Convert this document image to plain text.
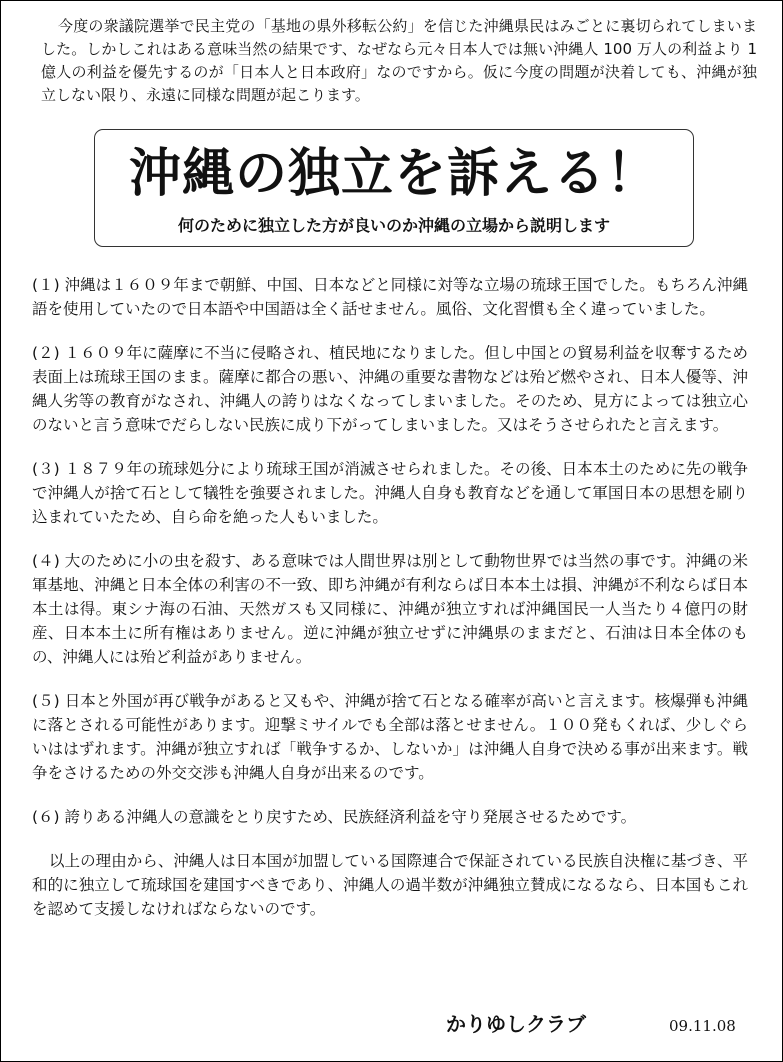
今度の衆議院選挙で民主党の「基地の県外移転公約」を信じた沖縄県民はみごとに裏切られてしまいました。しかしこれはある意味当然の結果です、なぜなら元々日本人では無い沖縄人 100 万人の利益より 1 億人の利益を優先するのが「日本人と日本政府」なのですから。仮に今度の問題が決着しても、沖縄が独立しない限り、永遠に同様な問題が起こります。

沖縄の独立を訴える！
何のために独立した方が良いのか沖縄の立場から説明します

(１) 沖縄は１６０９年まで朝鮮、中国、日本などと同様に対等な立場の琉球王国でした。もちろん沖縄語を使用していたので日本語や中国語は全く話せません。風俗、文化習慣も全く違っていました。

(２) １６０９年に薩摩に不当に侵略され、植民地になりました。但し中国との貿易利益を収奪するため表面上は琉球王国のまま。薩摩に都合の悪い、沖縄の重要な書物などは殆ど燃やされ、日本人優等、沖縄人劣等の教育がなされ、沖縄人の誇りはなくなってしまいました。そのため、見方によっては独立心のないと言う意味でだらしない民族に成り下がってしまいました。又はそうさせられたと言えます。

(３) １８７９年の琉球処分により琉球王国が消滅させられました。その後、日本本土のために先の戦争で沖縄人が捨て石として犠牲を強要されました。沖縄人自身も教育などを通して軍国日本の思想を刷り込まれていたため、自ら命を絶った人もいました。

(４) 大のために小の虫を殺す、ある意味では人間世界は別として動物世界では当然の事です。沖縄の米軍基地、沖縄と日本全体の利害の不一致、即ち沖縄が有利ならば日本本土は損、沖縄が不利ならば日本本土は得。東シナ海の石油、天然ガスも又同様に、沖縄が独立すれば沖縄国民一人当たり４億円の財産、日本本土に所有権はありません。逆に沖縄が独立せずに沖縄県のままだと、石油は日本全体のもの、沖縄人には殆ど利益がありません。

(５) 日本と外国が再び戦争があると又もや、沖縄が捨て石となる確率が高いと言えます。核爆弾も沖縄に落とされる可能性があります。迎撃ミサイルでも全部は落とせません。１００発もくれば、少しぐらいははずれます。沖縄が独立すれば「戦争するか、しないか」は沖縄人自身で決める事が出来ます。戦争をさけるための外交交渉も沖縄人自身が出来るのです。

(６) 誇りある沖縄人の意識をとり戻すため、民族経済利益を守り発展させるためです。

以上の理由から、沖縄人は日本国が加盟している国際連合で保証されている民族自決権に基づき、平和的に独立して琉球国を建国すべきであり、沖縄人の過半数が沖縄独立賛成になるなら、日本国もこれを認めて支援しなければならないのです。

かりゆしクラブ	09.11.08
